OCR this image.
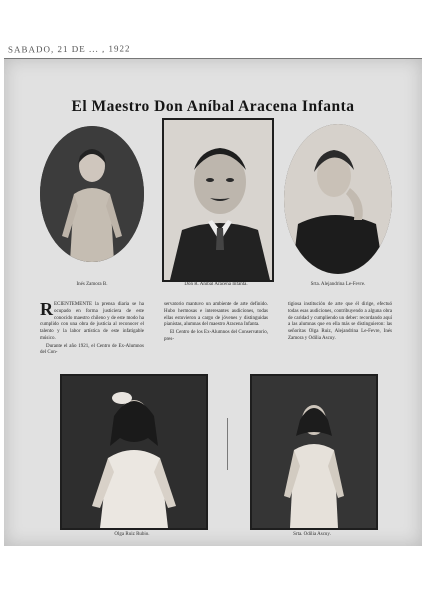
El Maestro Don Aníbal Aracena Infanta
Inés Zamora B.	Don R. Aníbal Aracena Infanta.	Srta. Alejandrina Le-Fevre.
R ECIENTEMENTE la prensa diaria se ha ocupado en forma justiciera de este conocido maestro chileno y de este modo ha cumplido con una obra de justicia al reconocer el talento y la labor artística de este infatigable músico.

Durante el año 1921, el Centro de Ex-Alumnos del Con-

servatorio mantuvo un ambiente de arte definido. Hubo hermosas e interesantes audiciones, todas ellas estuvieron a cargo de jóvenes y distinguidas pianistas, alumnas del maestro Aracena Infanta.

El Centro de los Ex-Alumnos del Conservatorio, pres-

tigiosa institución de arte que él dirige, efectuó todas esas audiciones, contribuyendo a alguna obra de caridad y cumpliendo un deber: recordando aquí a las alumnas que en ella más se distinguieron: las señoritas Olga Ruiz, Alejandrina Le-Fevre, Inés Zamora y Odilia Ascuy.

Olga Ruiz Rubio.	Srta. Odilia Ascuy.
SABADO, 21 DE ... , 1922
